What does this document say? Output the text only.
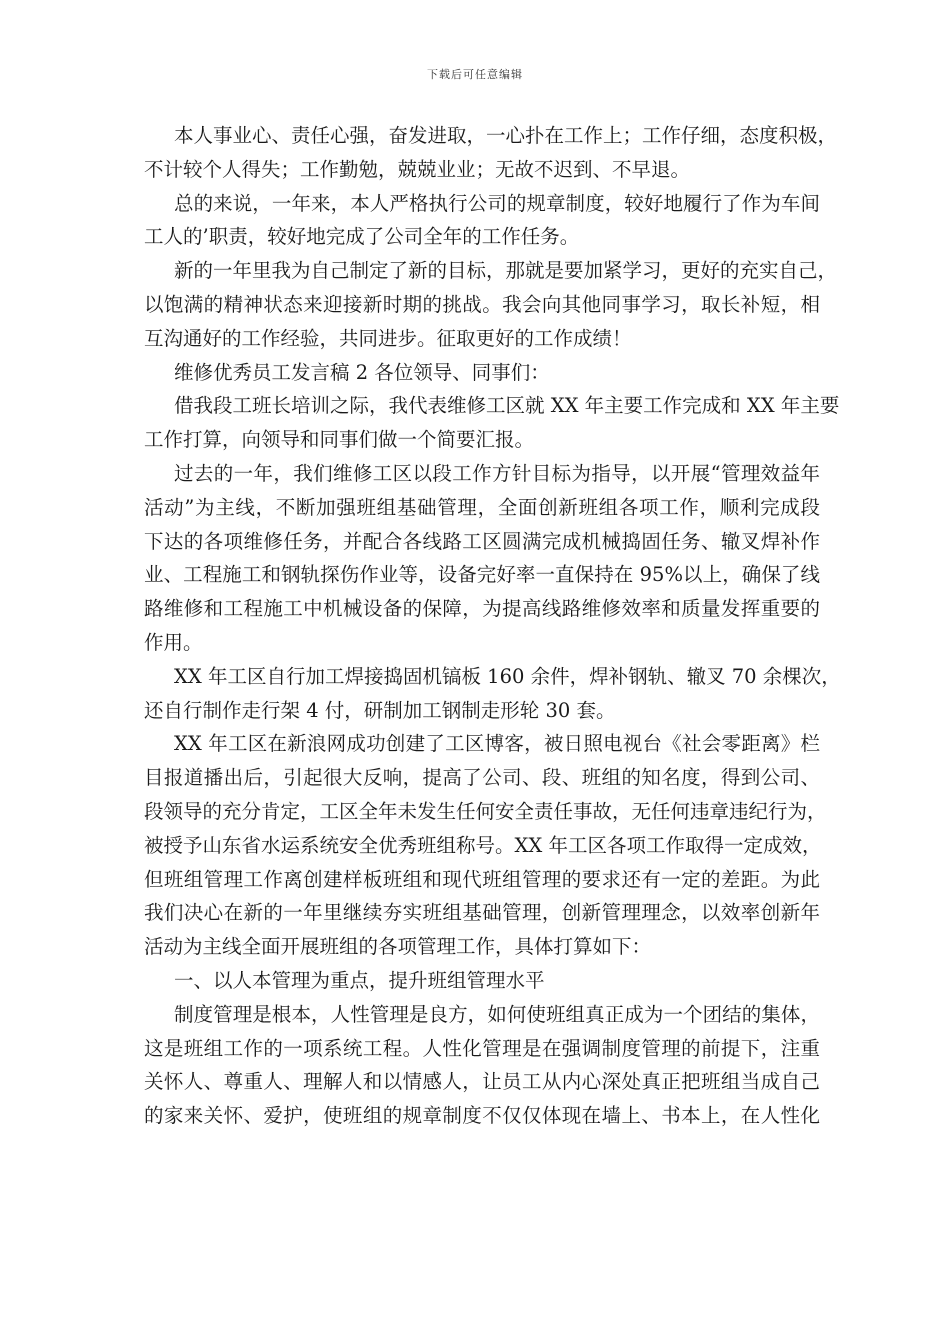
下载后可任意编辑
本人事业心、责任心强，奋发进取，一心扑在工作上；工作仔细，态度积极，
不计较个人得失；工作勤勉，兢兢业业；无故不迟到、不早退。
总的来说，一年来，本人严格执行公司的规章制度，较好地履行了作为车间
工人的’职责，较好地完成了公司全年的工作任务。
新的一年里我为自己制定了新的目标，那就是要加紧学习，更好的充实自己，
以饱满的精神状态来迎接新时期的挑战。我会向其他同事学习，取长补短，相
互沟通好的工作经验，共同进步。征取更好的工作成绩！
维修优秀员工发言稿 2 各位领导、同事们：
借我段工班长培训之际，我代表维修工区就 XX 年主要工作完成和 XX 年主要
工作打算，向领导和同事们做一个简要汇报。
过去的一年，我们维修工区以段工作方针目标为指导，以开展“管理效益年
活动”为主线，不断加强班组基础管理，全面创新班组各项工作，顺利完成段
下达的各项维修任务，并配合各线路工区圆满完成机械捣固任务、辙叉焊补作
业、工程施工和钢轨探伤作业等，设备完好率一直保持在 95%以上，确保了线
路维修和工程施工中机械设备的保障，为提高线路维修效率和质量发挥重要的
作用。
XX 年工区自行加工焊接捣固机镐板 160 余件，焊补钢轨、辙叉 70 余棵次，
还自行制作走行架 4 付，研制加工钢制走形轮 30 套。
XX 年工区在新浪网成功创建了工区博客，被日照电视台《社会零距离》栏
目报道播出后，引起很大反响，提高了公司、段、班组的知名度，得到公司、
段领导的充分肯定，工区全年未发生任何安全责任事故，无任何违章违纪行为，
被授予山东省水运系统安全优秀班组称号。XX 年工区各项工作取得一定成效，
但班组管理工作离创建样板班组和现代班组管理的要求还有一定的差距。为此
我们决心在新的一年里继续夯实班组基础管理，创新管理理念，以效率创新年
活动为主线全面开展班组的各项管理工作，具体打算如下：
一、以人本管理为重点，提升班组管理水平
制度管理是根本，人性管理是良方，如何使班组真正成为一个团结的集体，
这是班组工作的一项系统工程。人性化管理是在强调制度管理的前提下，注重
关怀人、尊重人、理解人和以情感人，让员工从内心深处真正把班组当成自己
的家来关怀、爱护，使班组的规章制度不仅仅体现在墙上、书本上，在人性化
